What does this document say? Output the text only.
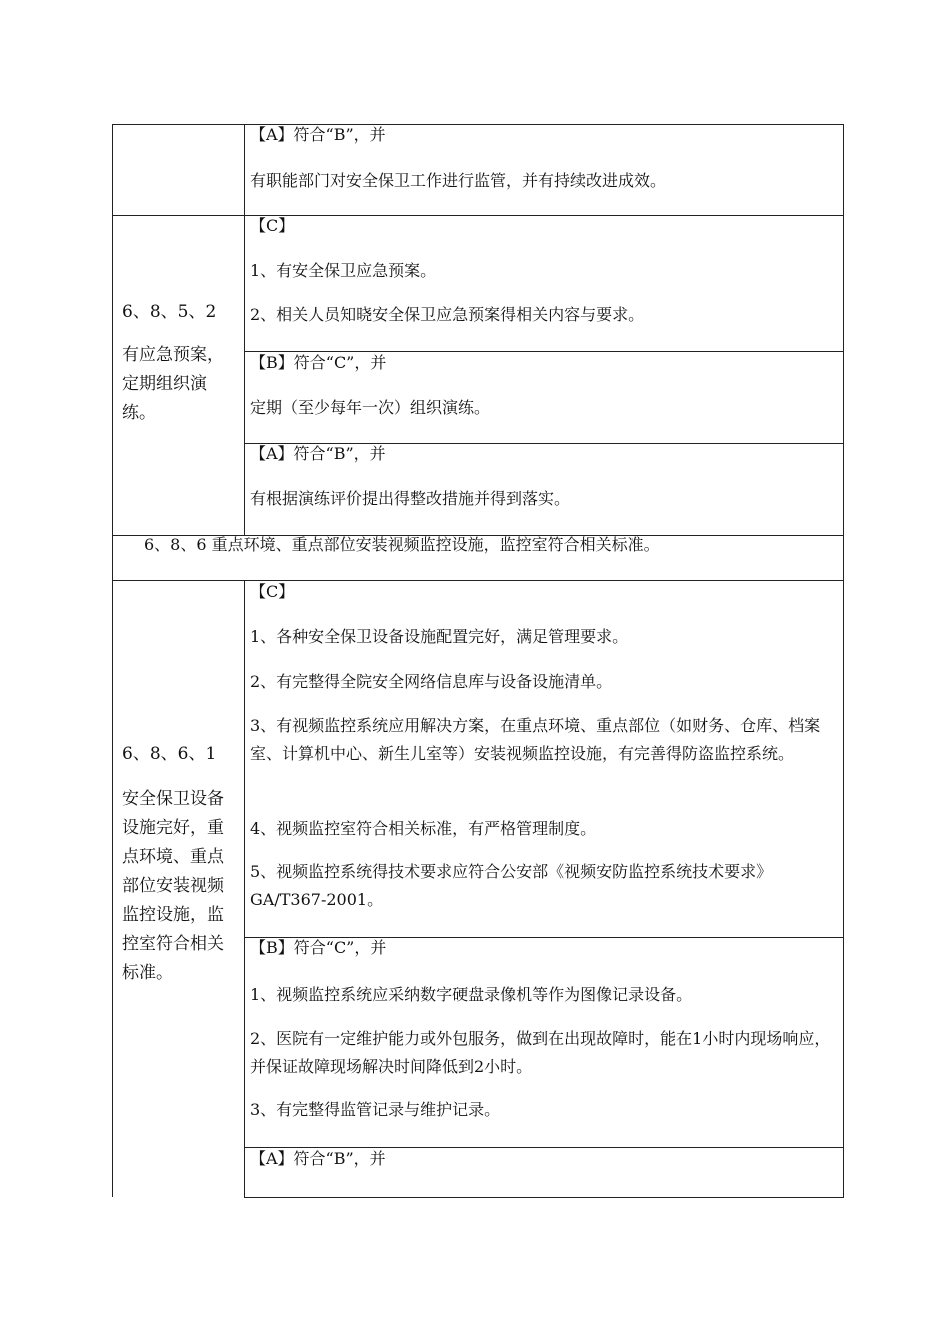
【A】符合“B”，并
有职能部门对安全保卫工作进行监管，并有持续改进成效。
6、8、5、2
有应急预案，定期组织演练。
【C】
1、有安全保卫应急预案。
2、相关人员知晓安全保卫应急预案得相关内容与要求。
【B】符合“C”，并
定期（至少每年一次）组织演练。
【A】符合“B”，并
有根据演练评价提出得整改措施并得到落实。
6、8、6 重点环境、重点部位安装视频监控设施，监控室符合相关标准。
6、8、6、1
安全保卫设备设施完好，重点环境、重点部位安装视频监控设施，监控室符合相关标准。
【C】
1、各种安全保卫设备设施配置完好，满足管理要求。
2、有完整得全院安全网络信息库与设备设施清单。
3、有视频监控系统应用解决方案，在重点环境、重点部位（如财务、仓库、档案室、计算机中心、新生儿室等）安装视频监控设施，有完善得防盗监控系统。
4、视频监控室符合相关标准，有严格管理制度。
5、视频监控系统得技术要求应符合公安部《视频安防监控系统技术要求》GA/T367-2001。
【B】符合“C”，并
1、视频监控系统应采纳数字硬盘录像机等作为图像记录设备。
2、医院有一定维护能力或外包服务，做到在出现故障时，能在1小时内现场响应，并保证故障现场解决时间降低到2小时。
3、有完整得监管记录与维护记录。
【A】符合“B”，并
